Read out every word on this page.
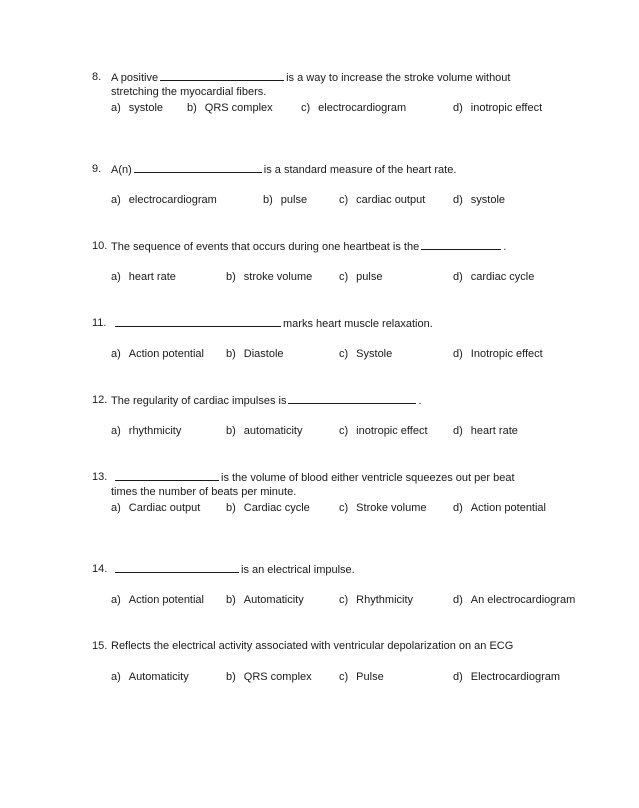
8. A positive	is a way to increase the stroke volume without
stretching the myocardial fibers.
a) systole b) QRS complex	c) electrocardiogram	d) inotropic effect
9. A(n)	is a standard measure of the heart rate.
a) electrocardiogram	b) pulse	c) cardiac output	d) systole
10. The sequence of events that occurs during one heartbeat is the	.
a) heart rate	b) stroke volume c) pulse	d) cardiac cycle
11.	marks heart muscle relaxation.
a) Action potential b) Diastole	c) Systole	d) Inotropic effect
12. The regularity of cardiac impulses is	.
a) rhythmicity	b) automaticity	c) inotropic effect d) heart rate
13.	is the volume of blood either ventricle squeezes out per beat
times the number of beats per minute.
a) Cardiac output b) Cardiac cycle	c) Stroke volume d) Action potential
14.	is an electrical impulse.
a) Action potential b) Automaticity	c) Rhythmicity	d) An electrocardiogram
15. Reflects the electrical activity associated with ventricular depolarization on an ECG
a) Automaticity	b) QRS complex c) Pulse	d) Electrocardiogram
